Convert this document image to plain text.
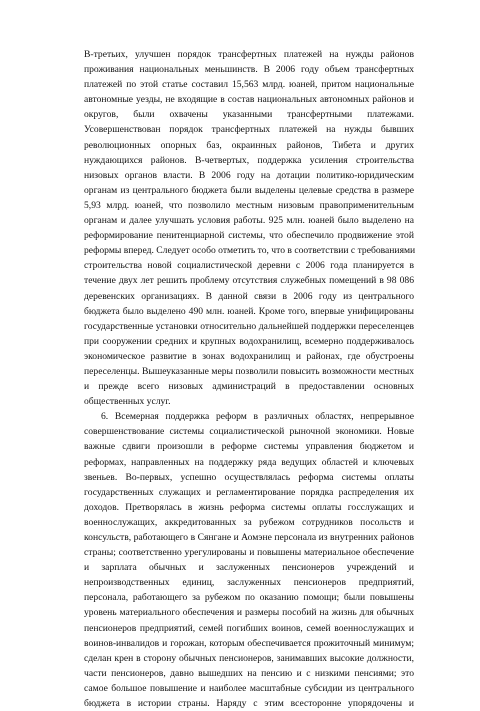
В-третьих, улучшен порядок трансфертных платежей на нужды районов
проживания национальных меньшинств. В 2006 году объем трансфертных
платежей по этой статье составил 15,563 млрд. юаней, притом национальные
автономные уезды, не входящие в состав национальных автономных районов и
округов, были охвачены указанными трансфертными платежами.
Усовершенствован порядок трансфертных платежей на нужды бывших
революционных опорных баз, окраинных районов, Тибета и других
нуждающихся районов. В-четвертых, поддержка усиления строительства
низовых органов власти. В 2006 году на дотации политико-юридическим
органам из центрального бюджета были выделены целевые средства в размере
5,93 млрд. юаней, что позволило местным низовым правоприменительным
органам и далее улучшать условия работы. 925 млн. юаней было выделено на
реформирование пенитенциарной системы, что обеспечило продвижение этой
реформы вперед. Следует особо отметить то, что в соответствии с требованиями
строительства новой социалистической деревни с 2006 года планируется в
течение двух лет решить проблему отсутствия служебных помещений в 98 086
деревенских организациях. В данной связи в 2006 году из центрального
бюджета было выделено 490 млн. юаней. Кроме того, впервые унифицированы
государственные установки относительно дальнейшей поддержки переселенцев
при сооружении средних и крупных водохранилищ, всемерно поддерживалось
экономическое развитие в зонах водохранилищ и районах, где обустроены
переселенцы. Вышеуказанные меры позволили повысить возможности местных
и прежде всего низовых администраций в предоставлении основных
общественных услуг.
6. Всемерная поддержка реформ в различных областях, непрерывное
совершенствование системы социалистической рыночной экономики. Новые
важные сдвиги произошли в реформе системы управления бюджетом и
реформах, направленных на поддержку ряда ведущих областей и ключевых
звеньев. Во-первых, успешно осуществлялась реформа системы оплаты
государственных служащих и регламентирование порядка распределения их
доходов. Претворялась в жизнь реформа системы оплаты госслужащих и
военнослужащих, аккредитованных за рубежом сотрудников посольств и
консульств, работающего в Сянгане и Аомэне персонала из внутренних районов
страны; соответственно урегулированы и повышены материальное обеспечение
и зарплата обычных и заслуженных пенсионеров учреждений и
непроизводственных единиц, заслуженных пенсионеров предприятий,
персонала, работающего за рубежом по оказанию помощи; были повышены
уровень материального обеспечения и размеры пособий на жизнь для обычных
пенсионеров предприятий, семей погибших воинов, семей военнослужащих и
воинов-инвалидов и горожан, которым обеспечивается прожиточный минимум;
сделан крен в сторону обычных пенсионеров, занимавших высокие должности,
части пенсионеров, давно вышедших на пенсию и с низкими пенсиями; это
самое большое повышение и наиболее масштабные субсидии из центрального
бюджета в истории страны. Наряду с этим всесторонне упорядочены и
